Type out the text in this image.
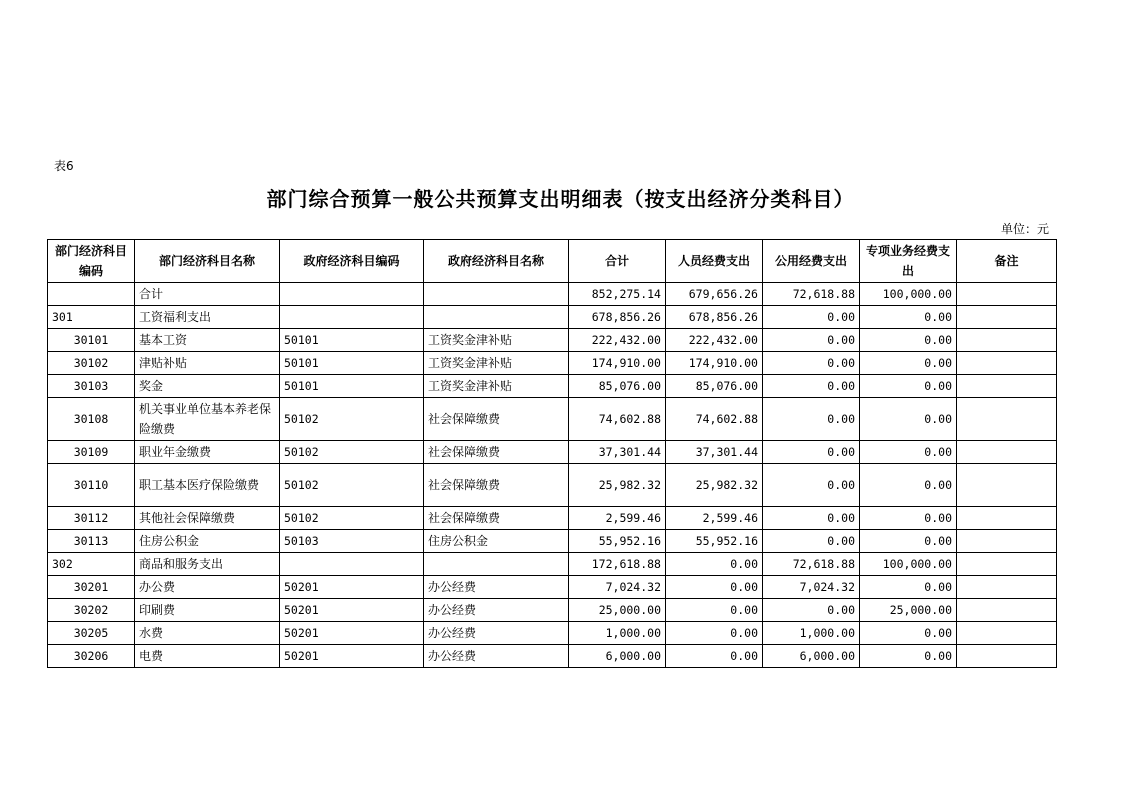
表6
部门综合预算一般公共预算支出明细表（按支出经济分类科目）
单位：元
部门经济科目编码	部门经济科目名称	政府经济科目编码	政府经济科目名称	合计	人员经费支出	公用经费支出	专项业务经费支出	备注
	合计			852,275.14	679,656.26	72,618.88	100,000.00	
301	工资福利支出			678,856.26	678,856.26	0.00	0.00	
30101	基本工资	50101	工资奖金津补贴	222,432.00	222,432.00	0.00	0.00	
30102	津贴补贴	50101	工资奖金津补贴	174,910.00	174,910.00	0.00	0.00	
30103	奖金	50101	工资奖金津补贴	85,076.00	85,076.00	0.00	0.00	
30108	机关事业单位基本养老保险缴费	50102	社会保障缴费	74,602.88	74,602.88	0.00	0.00	
30109	职业年金缴费	50102	社会保障缴费	37,301.44	37,301.44	0.00	0.00	
30110	职工基本医疗保险缴费	50102	社会保障缴费	25,982.32	25,982.32	0.00	0.00	
30112	其他社会保障缴费	50102	社会保障缴费	2,599.46	2,599.46	0.00	0.00	
30113	住房公积金	50103	住房公积金	55,952.16	55,952.16	0.00	0.00	
302	商品和服务支出			172,618.88	0.00	72,618.88	100,000.00	
30201	办公费	50201	办公经费	7,024.32	0.00	7,024.32	0.00	
30202	印刷费	50201	办公经费	25,000.00	0.00	0.00	25,000.00	
30205	水费	50201	办公经费	1,000.00	0.00	1,000.00	0.00	
30206	电费	50201	办公经费	6,000.00	0.00	6,000.00	0.00	
